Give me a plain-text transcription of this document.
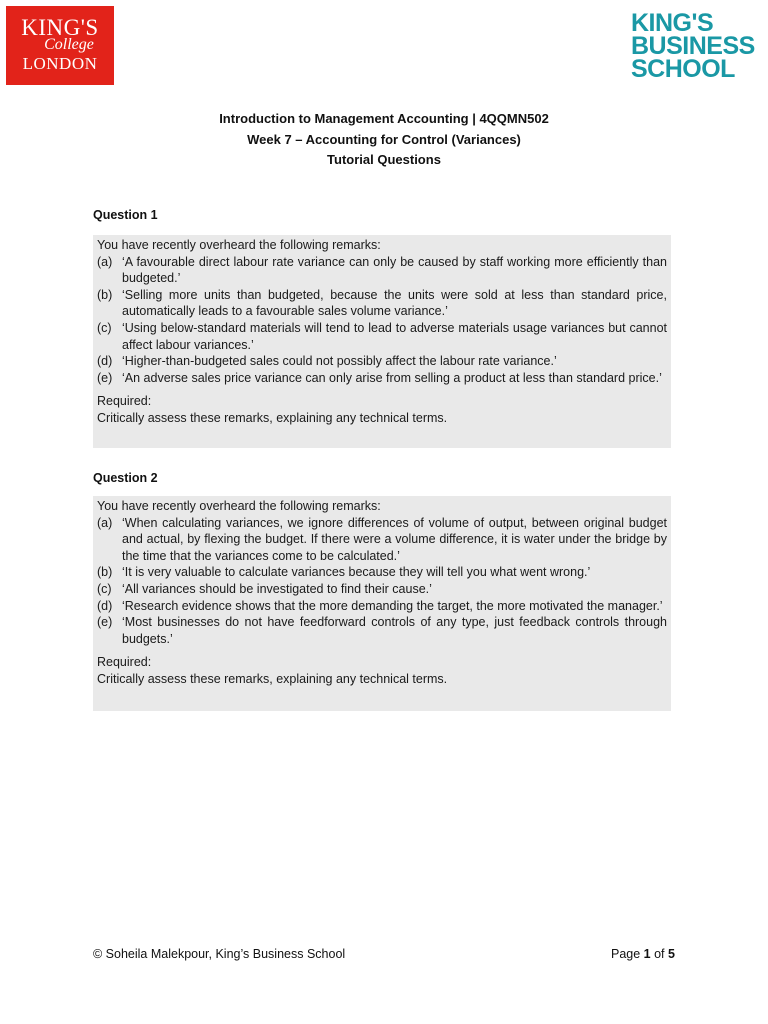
KING'S
College
LONDON
KING'S
BUSINESS
SCHOOL
Introduction to Management Accounting | 4QQMN502
Week 7 – Accounting for Control (Variances)
Tutorial Questions
Question 1

You have recently overheard the following remarks:

(a) ‘A favourable direct labour rate variance can only be caused by staff working more efficiently than budgeted.’
(b) ‘Selling more units than budgeted, because the units were sold at less than standard price, automatically leads to a favourable sales volume variance.’
(c) ‘Using below-standard materials will tend to lead to adverse materials usage variances but cannot affect labour variances.’
(d) ‘Higher-than-budgeted sales could not possibly affect the labour rate variance.’
(e) ‘An adverse sales price variance can only arise from selling a product at less than standard price.’
Required:
Critically assess these remarks, explaining any technical terms.
Question 2

You have recently overheard the following remarks:

(a) ‘When calculating variances, we ignore differences of volume of output, between original budget and actual, by flexing the budget. If there were a volume difference, it is water under the bridge by the time that the variances come to be calculated.’
(b) ‘It is very valuable to calculate variances because they will tell you what went wrong.’
(c) ‘All variances should be investigated to find their cause.’
(d) ‘Research evidence shows that the more demanding the target, the more motivated the manager.’
(e) ‘Most businesses do not have feedforward controls of any type, just feedback controls through budgets.’
Required:
Critically assess these remarks, explaining any technical terms.
© Soheila Malekpour, King’s Business School	Page 1 of 5
